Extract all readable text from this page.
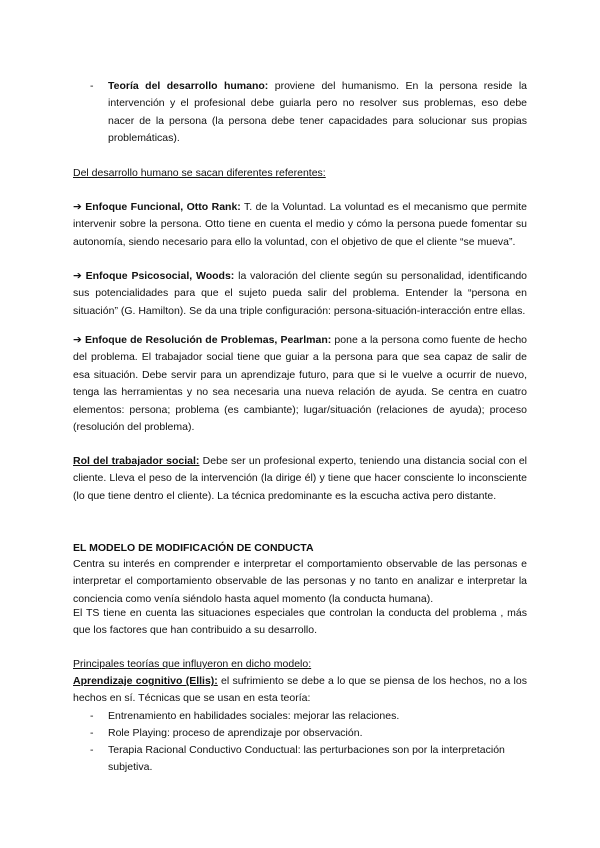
-	Teoría del desarrollo humano: proviene del humanismo. En la persona reside la intervención y el profesional debe guiarla pero no resolver sus problemas, eso debe nacer de la persona (la persona debe tener capacidades para solucionar sus propias problemáticas).

Del desarrollo humano se sacan diferentes referentes:

➔ Enfoque Funcional, Otto Rank: T. de la Voluntad. La voluntad es el mecanismo que permite intervenir sobre la persona. Otto tiene en cuenta el medio y cómo la persona puede fomentar su autonomía, siendo necesario para ello la voluntad, con el objetivo de que el cliente “se mueva”.

➔ Enfoque Psicosocial, Woods: la valoración del cliente según su personalidad, identificando sus potencialidades para que el sujeto pueda salir del problema. Entender la “persona en situación” (G. Hamilton). Se da una triple configuración: persona-situación-interacción entre ellas.

➔ Enfoque de Resolución de Problemas, Pearlman: pone a la persona como fuente de hecho del problema. El trabajador social tiene que guiar a la persona para que sea capaz de salir de esa situación. Debe servir para un aprendizaje futuro, para que si le vuelve a ocurrir de nuevo, tenga las herramientas y no sea necesaria una nueva relación de ayuda. Se centra en cuatro elementos: persona; problema (es cambiante); lugar/situación (relaciones de ayuda); proceso (resolución del problema).

Rol del trabajador social: Debe ser un profesional experto, teniendo una distancia social con el cliente. Lleva el peso de la intervención (la dirige él) y tiene que hacer consciente lo inconsciente (lo que tiene dentro el cliente). La técnica predominante es la escucha activa pero distante.

EL MODELO DE MODIFICACIÓN DE CONDUCTA

Centra su interés en comprender e interpretar el comportamiento observable de las personas e interpretar el comportamiento observable de las personas y no tanto en analizar e interpretar la conciencia como venía siéndolo hasta aquel momento (la conducta humana).

El TS tiene en cuenta las situaciones especiales que controlan la conducta del problema , más que los factores que han contribuido a su desarrollo.

Principales teorías que influyeron en dicho modelo:

Aprendizaje cognitivo (Ellis): el sufrimiento se debe a lo que se piensa de los hechos, no a los hechos en sí. Técnicas que se usan en esta teoría:

- Entrenamiento en habilidades sociales: mejorar las relaciones.
- Role Playing: proceso de aprendizaje por observación.
-	Terapia Racional Conductivo Conductual: las perturbaciones son por la interpretación subjetiva.
